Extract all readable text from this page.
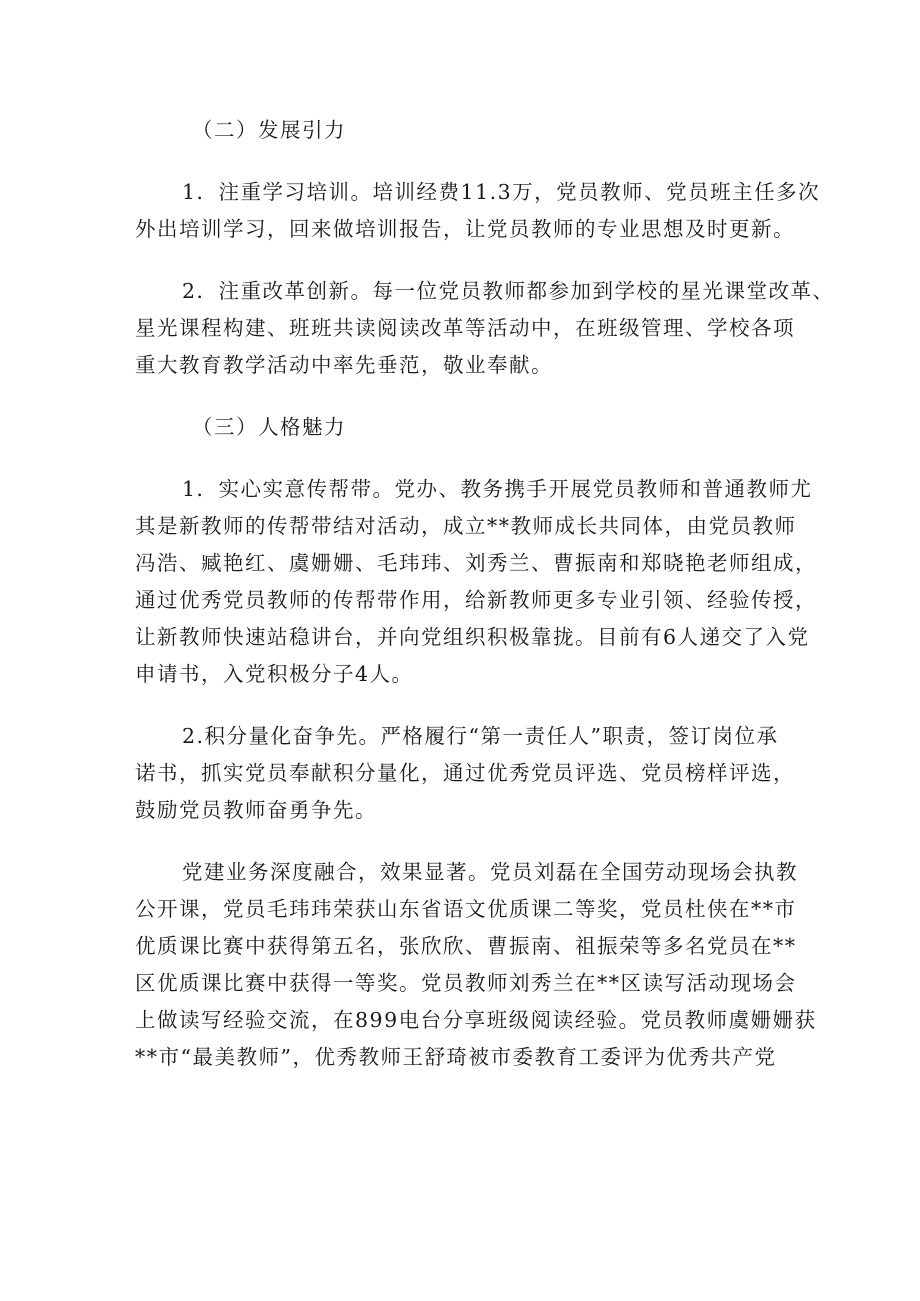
（二）发展引力
1．注重学习培训。培训经费11.3万，党员教师、党员班主任多次
外出培训学习，回来做培训报告，让党员教师的专业思想及时更新。
2．注重改革创新。每一位党员教师都参加到学校的星光课堂改革、
星光课程构建、班班共读阅读改革等活动中，在班级管理、学校各项
重大教育教学活动中率先垂范，敬业奉献。
（三）人格魅力
1．实心实意传帮带。党办、教务携手开展党员教师和普通教师尤
其是新教师的传帮带结对活动，成立**教师成长共同体，由党员教师
冯浩、臧艳红、虞姗姗、毛玮玮、刘秀兰、曹振南和郑晓艳老师组成，
通过优秀党员教师的传帮带作用，给新教师更多专业引领、经验传授，
让新教师快速站稳讲台，并向党组织积极靠拢。目前有6人递交了入党
申请书，入党积极分子4人。
2.积分量化奋争先。严格履行“第一责任人”职责，签订岗位承
诺书，抓实党员奉献积分量化，通过优秀党员评选、党员榜样评选，
鼓励党员教师奋勇争先。
党建业务深度融合，效果显著。党员刘磊在全国劳动现场会执教
公开课，党员毛玮玮荣获山东省语文优质课二等奖，党员杜侠在**市
优质课比赛中获得第五名，张欣欣、曹振南、祖振荣等多名党员在**
区优质课比赛中获得一等奖。党员教师刘秀兰在**区读写活动现场会
上做读写经验交流，在899电台分享班级阅读经验。党员教师虞姗姗获
**市“最美教师”，优秀教师王舒琦被市委教育工委评为优秀共产党
